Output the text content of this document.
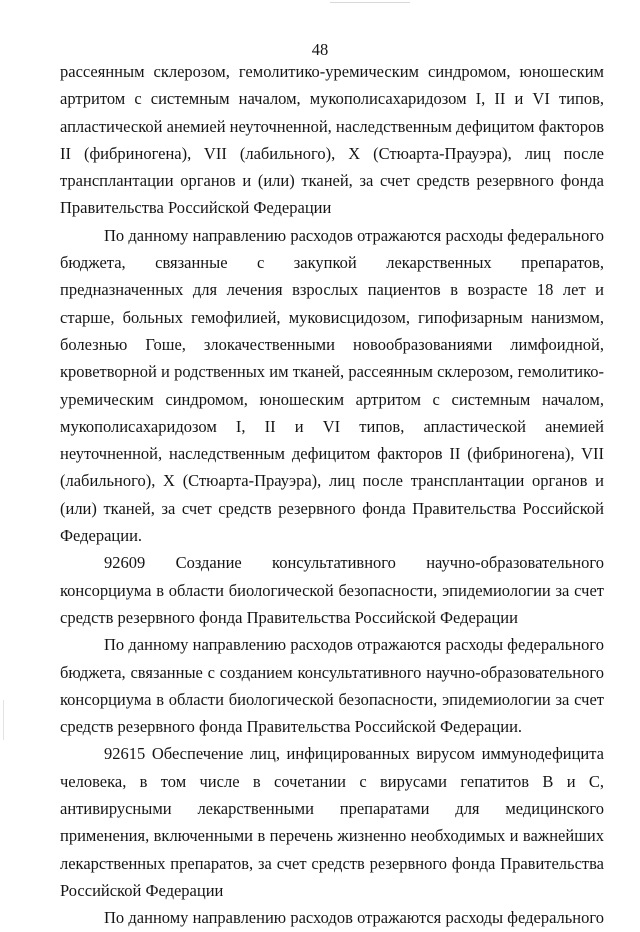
48

рассеянным склерозом, гемолитико-уремическим синдромом, юношеским артритом с системным началом, мукополисахаридозом I, II и VI типов, апластической анемией неуточненной, наследственным дефицитом факторов II (фибриногена), VII (лабильного), X (Стюарта-Прауэра), лиц после трансплантации органов и (или) тканей, за счет средств резервного фонда Правительства Российской Федерации

По данному направлению расходов отражаются расходы федерального бюджета, связанные с закупкой лекарственных препаратов, предназначенных для лечения взрослых пациентов в возрасте 18 лет и старше, больных гемофилией, муковисцидозом, гипофизарным нанизмом, болезнью Гоше, злокачественными новообразованиями лимфоидной, кроветворной и родственных им тканей, рассеянным склерозом, гемолитико-уремическим синдромом, юношеским артритом с системным началом, мукополисахаридозом I, II и VI типов, апластической анемией неуточненной, наследственным дефицитом факторов II (фибриногена), VII (лабильного), X (Стюарта-Прауэра), лиц после трансплантации органов и (или) тканей, за счет средств резервного фонда Правительства Российской Федерации.

92609 Создание консультативного научно-образовательного консорциума в области биологической безопасности, эпидемиологии за счет средств резервного фонда Правительства Российской Федерации

По данному направлению расходов отражаются расходы федерального бюджета, связанные с созданием консультативного научно-образовательного консорциума в области биологической безопасности, эпидемиологии за счет средств резервного фонда Правительства Российской Федерации.

92615 Обеспечение лиц, инфицированных вирусом иммунодефицита человека, в том числе в сочетании с вирусами гепатитов B и C, антивирусными лекарственными препаратами для медицинского применения, включенными в перечень жизненно необходимых и важнейших лекарственных препаратов, за счет средств резервного фонда Правительства Российской Федерации

По данному направлению расходов отражаются расходы федерального
